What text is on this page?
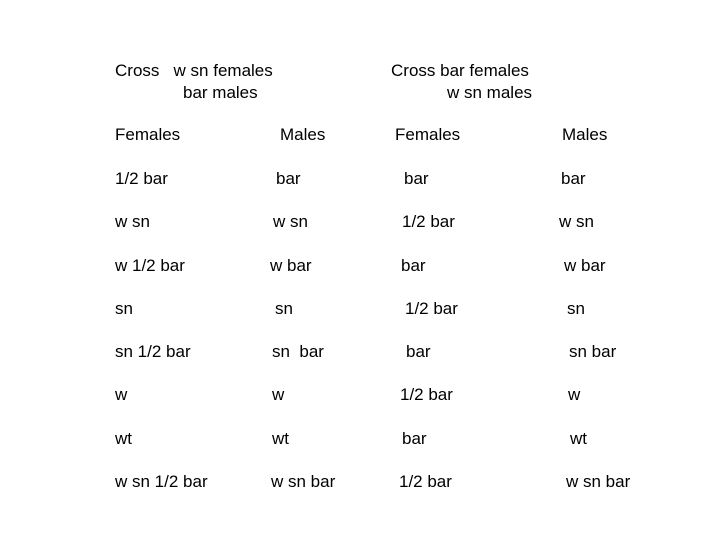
Cross   w sn females
bar males
Cross bar females
w sn males
Females	Males	Females	Males
1/2 bar	bar	bar	bar
w sn	w sn	1/2 bar	w sn
w 1/2 bar	w bar	bar	w bar
sn	sn	1/2 bar	sn
sn 1/2 bar	sn  bar	bar	sn bar
w	w	1/2 bar	w
wt	wt	bar	wt
w sn 1/2 bar	w sn bar	1/2 bar	w sn bar
